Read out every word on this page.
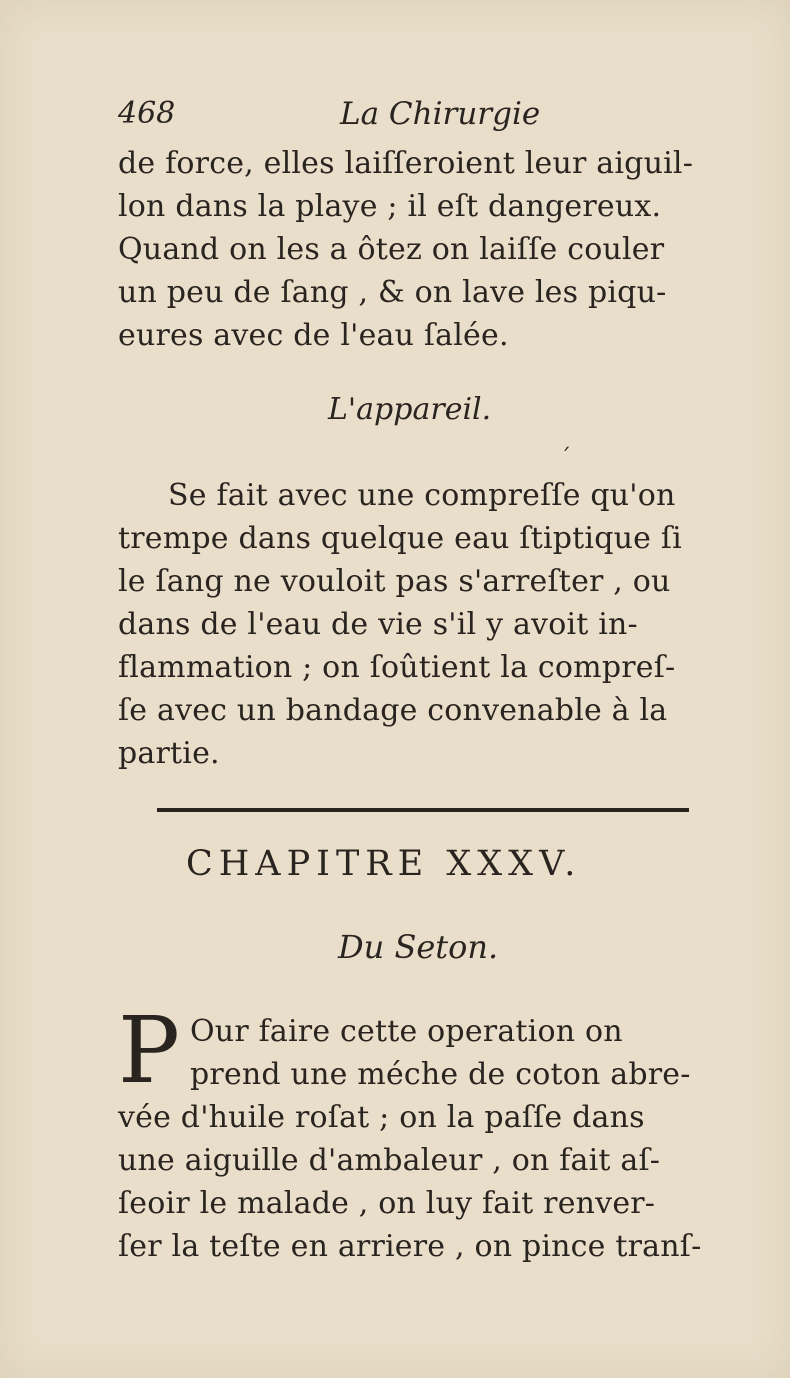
468	La Chirurgie
de force, elles laiſſeroient leur aiguil-
lon dans la playe ; il eſt dangereux.
Quand on les a ôtez on laiſſe couler
un peu de ſang , & on lave les piqu-
eures avec de l'eau ſalée.
L'appareil.
´
Se fait avec une compreſſe qu'on
trempe dans quelque eau ſtiptique ſi
le ſang ne vouloit pas s'arreſter , ou
dans de l'eau de vie s'il y avoit in-
flammation ; on ſoûtient la compreſ-
ſe avec un bandage convenable à la
partie.
CHAPITRE XXXV.
Du Seton.
P Our faire cette operation on
prend une méche de coton abre-
vée d'huile roſat ; on la paſſe dans
une aiguille d'ambaleur , on fait aſ-
ſeoir le malade , on luy fait renver-
ſer la teſte en arriere , on pince tranſ-
